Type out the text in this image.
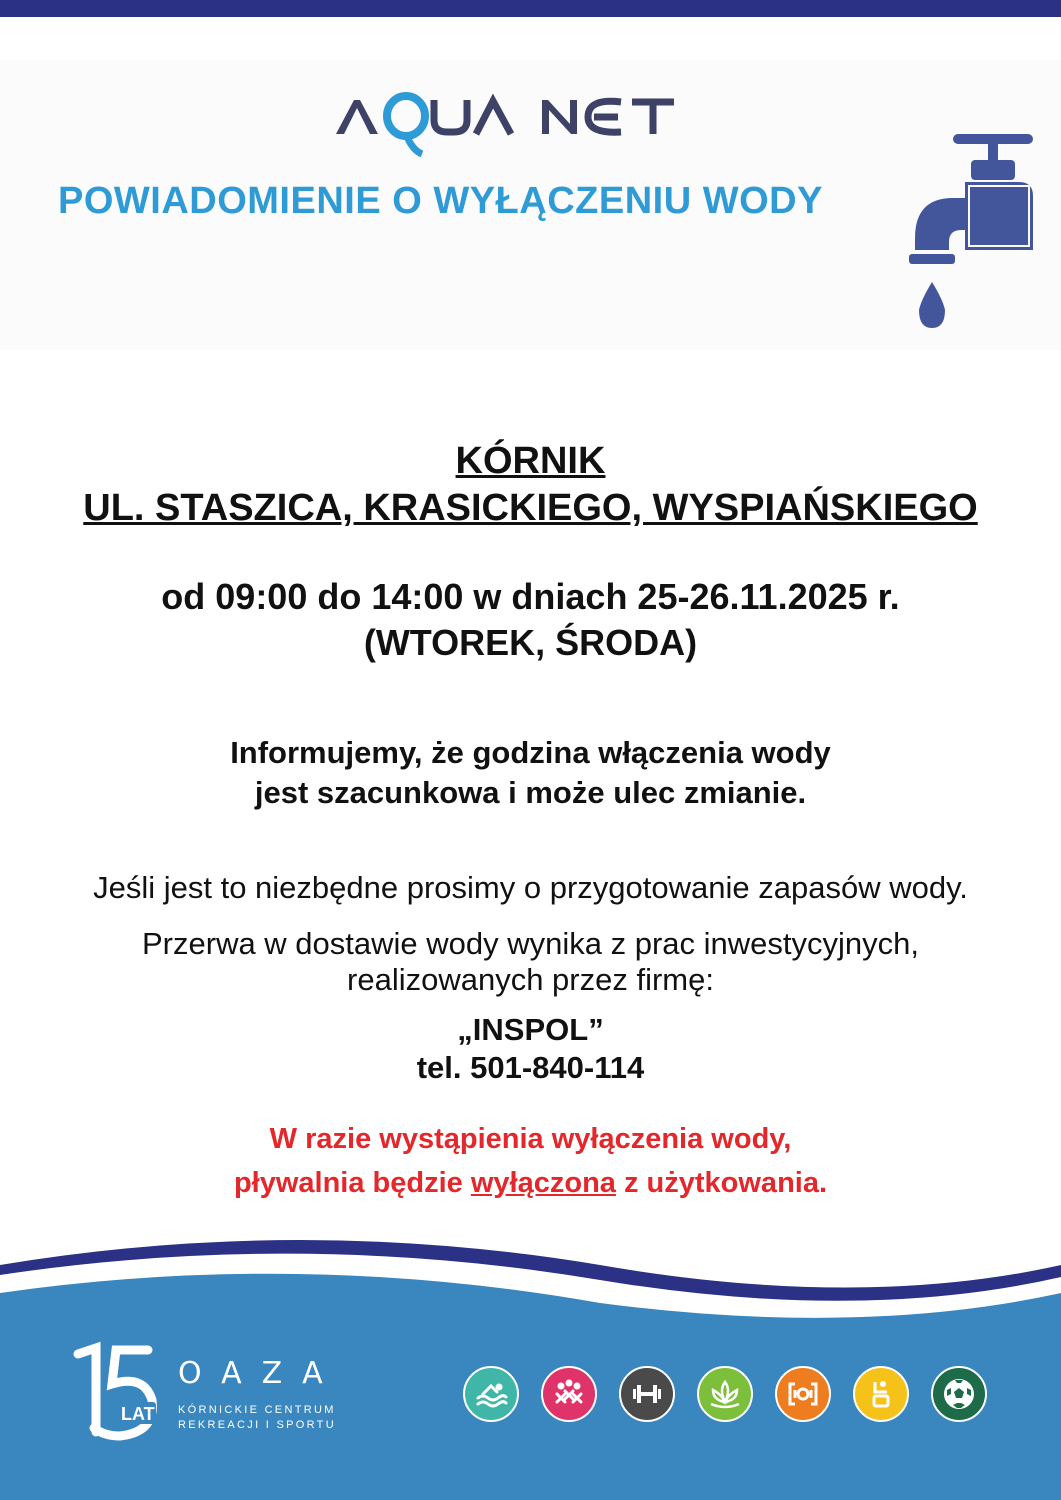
POWIADOMIENIE O WYŁĄCZENIU WODY
KÓRNIK
UL. STASZICA, KRASICKIEGO, WYSPIAŃSKIEGO
od 09:00 do 14:00 w dniach 25-26.11.2025 r.
(WTOREK, ŚRODA)
Informujemy, że godzina włączenia wody
jest szacunkowa i może ulec zmianie.
Jeśli jest to niezbędne prosimy o przygotowanie zapasów wody.
Przerwa w dostawie wody wynika z prac inwestycyjnych,
realizowanych przez firmę:
„INSPOL”
tel. 501-840-114
W razie wystąpienia wyłączenia wody,
pływalnia będzie wyłączona z użytkowania.
LAT
OAZA
KÓRNICKIE CENTRUM
REKREACJI I SPORTU
